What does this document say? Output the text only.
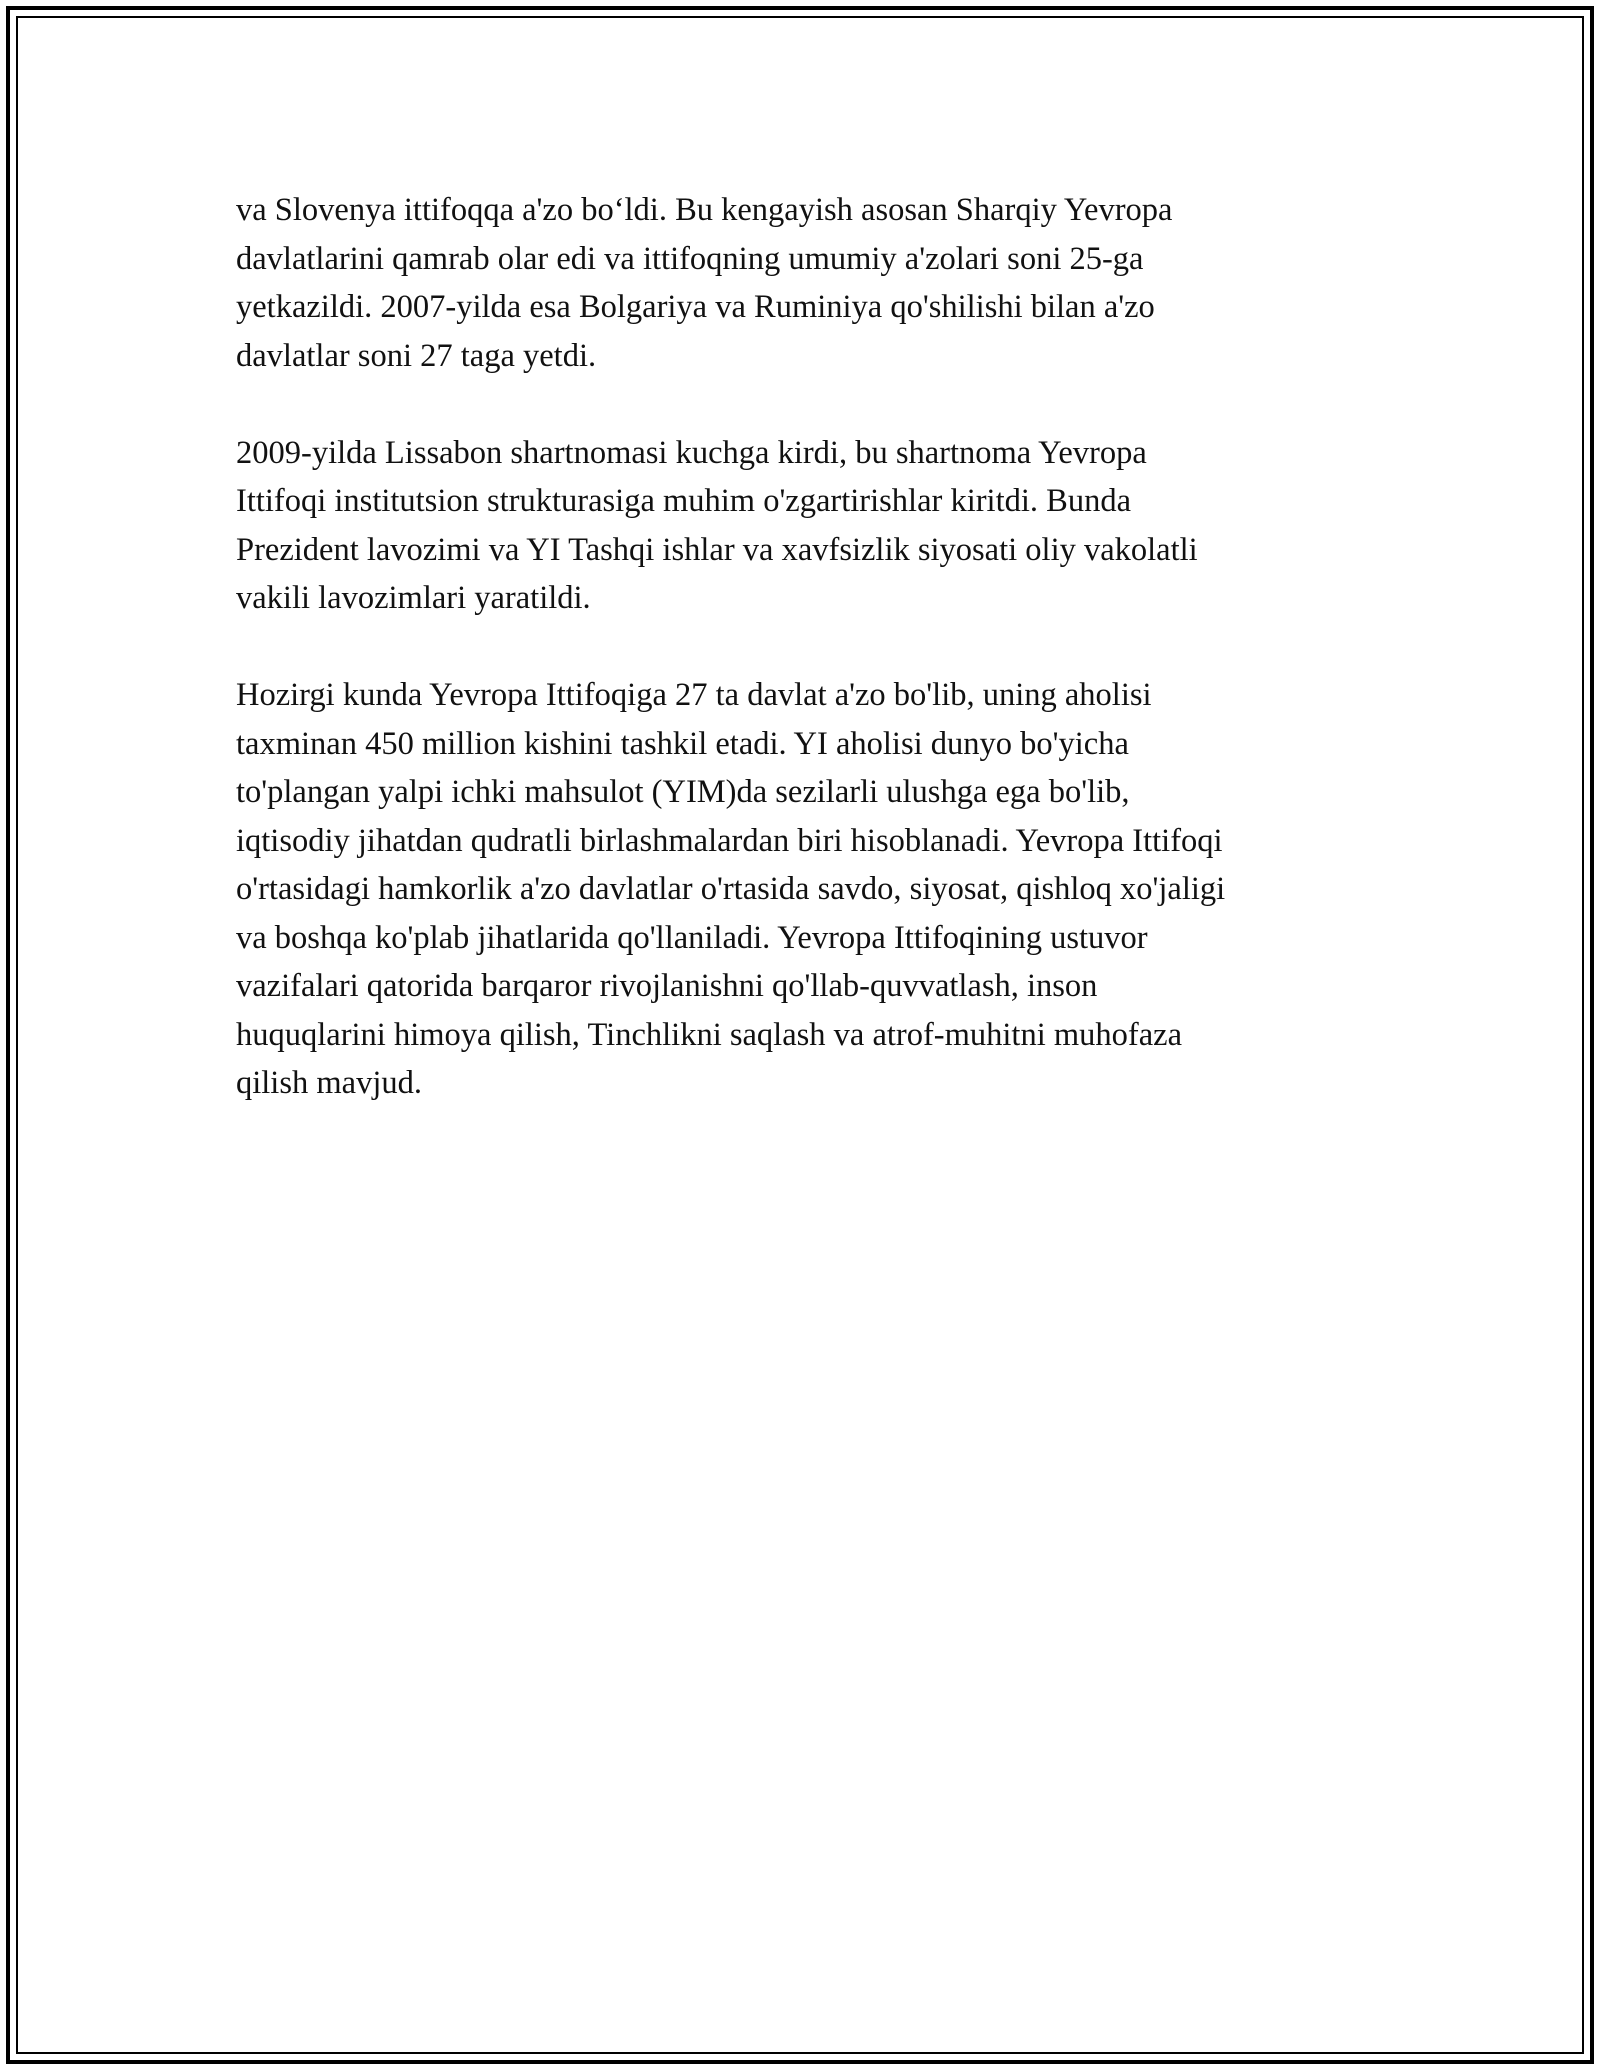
va Slovenya ittifoqqa a'zo bo‘ldi. Bu kengayish asosan Sharqiy Yevropa
davlatlarini qamrab olar edi va ittifoqning umumiy a'zolari soni 25-ga
yetkazildi. 2007-yilda esa Bolgariya va Ruminiya qo'shilishi bilan a'zo
davlatlar soni 27 taga yetdi.

2009-yilda Lissabon shartnomasi kuchga kirdi, bu shartnoma Yevropa
Ittifoqi institutsion strukturasiga muhim o'zgartirishlar kiritdi. Bunda
Prezident lavozimi va YI Tashqi ishlar va xavfsizlik siyosati oliy vakolatli
vakili lavozimlari yaratildi.

Hozirgi kunda Yevropa Ittifoqiga 27 ta davlat a'zo bo'lib, uning aholisi
taxminan 450 million kishini tashkil etadi. YI aholisi dunyo bo'yicha
to'plangan yalpi ichki mahsulot (YIM)da sezilarli ulushga ega bo'lib,
iqtisodiy jihatdan qudratli birlashmalardan biri hisoblanadi. Yevropa Ittifoqi
o'rtasidagi hamkorlik a'zo davlatlar o'rtasida savdo, siyosat, qishloq xo'jaligi
va boshqa ko'plab jihatlarida qo'llaniladi. Yevropa Ittifoqining ustuvor
vazifalari qatorida barqaror rivojlanishni qo'llab-quvvatlash, inson
huquqlarini himoya qilish, Tinchlikni saqlash va atrof-muhitni muhofaza
qilish mavjud.
